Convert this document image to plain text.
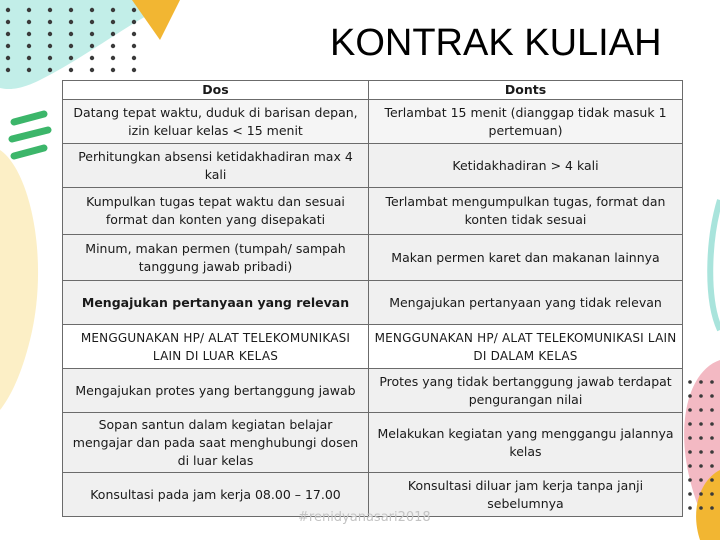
KONTRAK KULIAH
Dos	Donts
Datang tepat waktu, duduk di barisan depan, izin keluar kelas < 15 menit	Terlambat 15 menit (dianggap tidak masuk 1 pertemuan)
Perhitungkan absensi ketidakhadiran max 4 kali	Ketidakhadiran > 4 kali
Kumpulkan tugas tepat waktu dan sesuai format dan konten yang disepakati	Terlambat mengumpulkan tugas, format dan konten tidak sesuai
Minum, makan permen (tumpah/ sampah tanggung jawab pribadi)	Makan permen karet dan makanan lainnya
Mengajukan pertanyaan yang relevan	Mengajukan pertanyaan yang tidak relevan
MENGGUNAKAN HP/ ALAT TELEKOMUNIKASI LAIN DI LUAR KELAS	MENGGUNAKAN HP/ ALAT TELEKOMUNIKASI LAIN DI DALAM KELAS
Mengajukan protes yang bertanggung jawab	Protes yang tidak bertanggung jawab terdapat pengurangan nilai
Sopan santun dalam kegiatan belajar mengajar dan pada saat menghubungi dosen di luar kelas	Melakukan kegiatan yang menggangu jalannya kelas
Konsultasi pada jam kerja 08.00 – 17.00	Konsultasi diluar jam kerja tanpa janji sebelumnya
#renidyanasari2018
